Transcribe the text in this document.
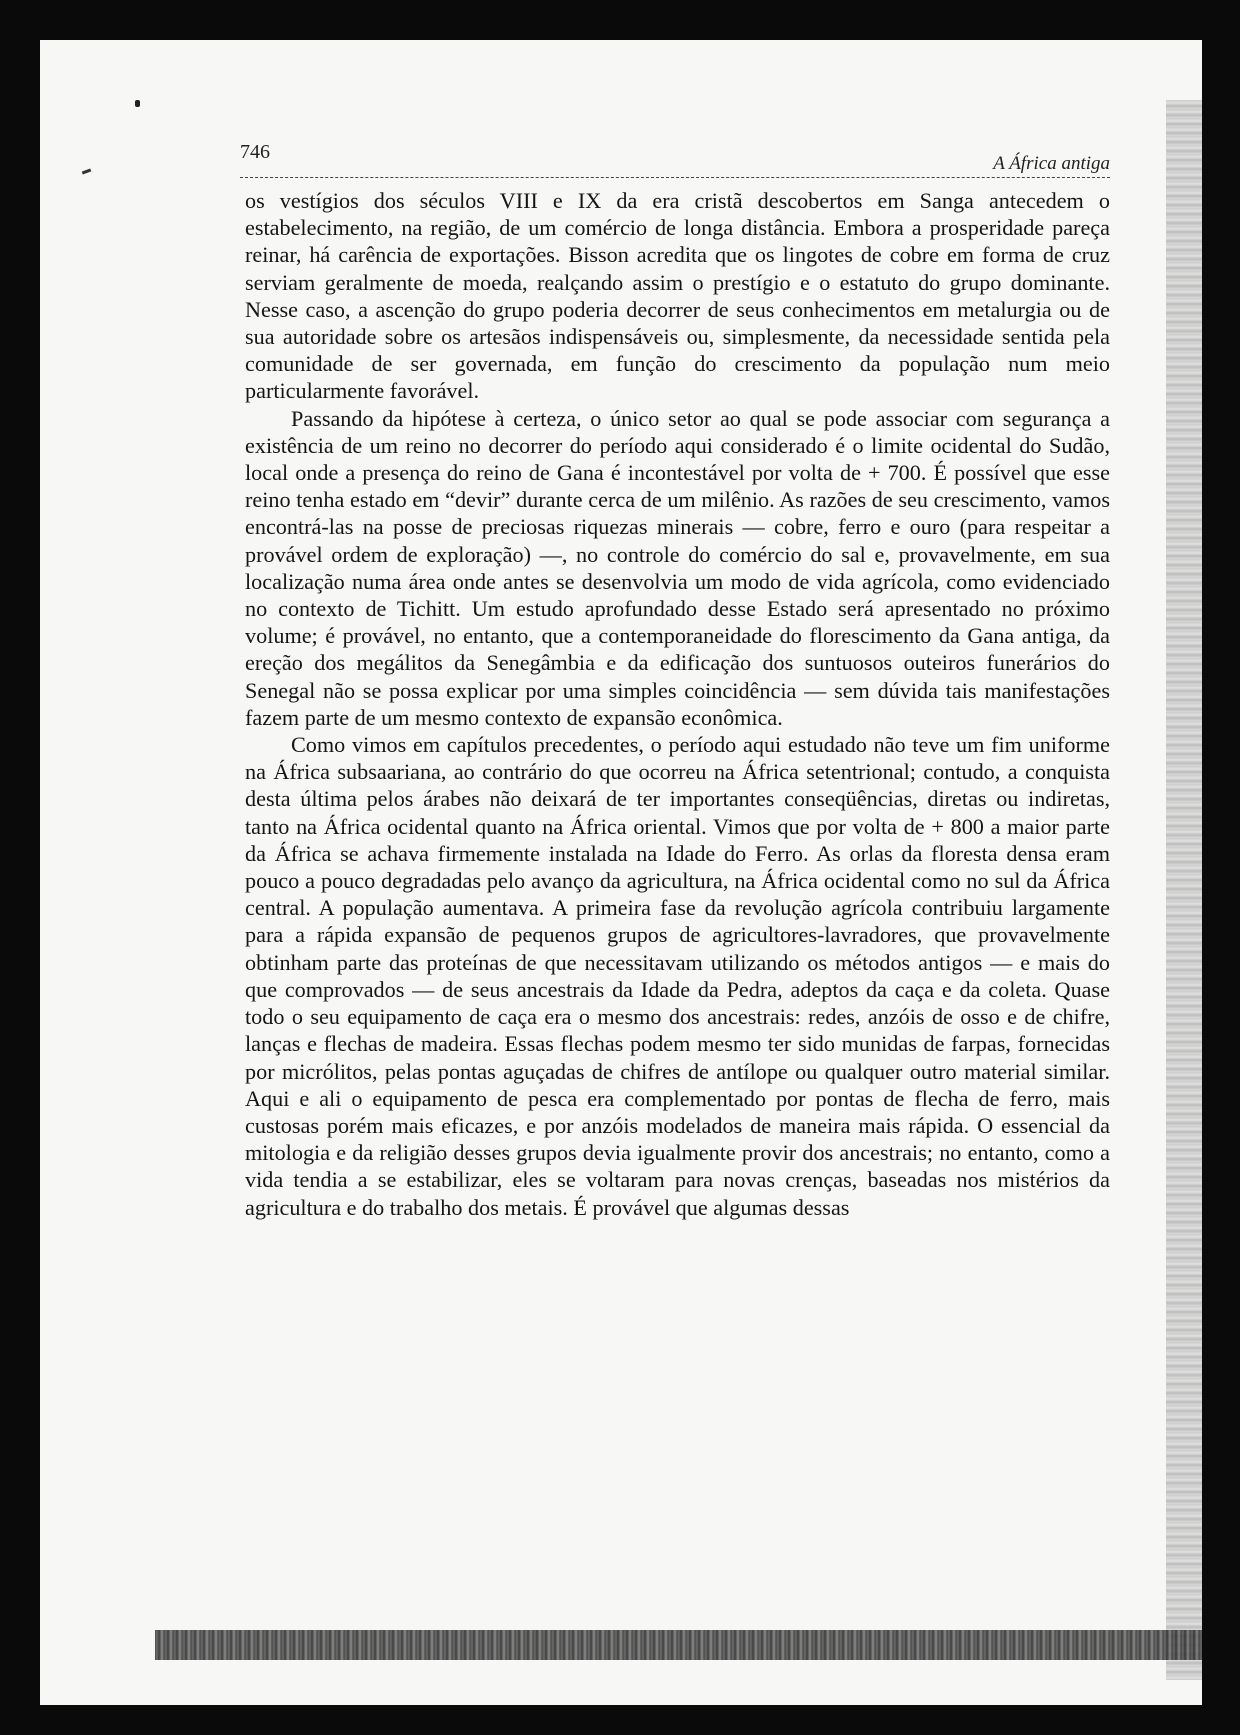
746
A África antiga

os vestígios dos séculos VIII e IX da era cristã descobertos em Sanga antecedem o estabelecimento, na região, de um comércio de longa distância. Embora a prosperidade pareça reinar, há carência de exportações. Bisson acredita que os lingotes de cobre em forma de cruz serviam geralmente de moeda, realçando assim o prestígio e o estatuto do grupo dominante. Nesse caso, a ascenção do grupo poderia decorrer de seus conhecimentos em metalurgia ou de sua autoridade sobre os artesãos indispensáveis ou, simplesmente, da necessidade sentida pela comunidade de ser governada, em função do crescimento da população num meio particularmente favorável.

Passando da hipótese à certeza, o único setor ao qual se pode associar com segurança a existência de um reino no decorrer do período aqui considerado é o limite ocidental do Sudão, local onde a presença do reino de Gana é incontestável por volta de + 700. É possível que esse reino tenha estado em “devir” durante cerca de um milênio. As razões de seu crescimento, vamos encontrá-las na posse de preciosas riquezas minerais — cobre, ferro e ouro (para respeitar a provável ordem de exploração) —, no controle do comércio do sal e, provavelmente, em sua localização numa área onde antes se desenvolvia um modo de vida agrícola, como evidenciado no contexto de Tichitt. Um estudo aprofundado desse Estado será apresentado no próximo volume; é provável, no entanto, que a contemporaneidade do florescimento da Gana antiga, da ereção dos megálitos da Senegâmbia e da edificação dos suntuosos outeiros funerários do Senegal não se possa explicar por uma simples coincidência — sem dúvida tais manifestações fazem parte de um mesmo contexto de expansão econômica.

Como vimos em capítulos precedentes, o período aqui estudado não teve um fim uniforme na África subsaariana, ao contrário do que ocorreu na África setentrional; contudo, a conquista desta última pelos árabes não deixará de ter importantes conseqüências, diretas ou indiretas, tanto na África ocidental quanto na África oriental. Vimos que por volta de + 800 a maior parte da África se achava firmemente instalada na Idade do Ferro. As orlas da floresta densa eram pouco a pouco degradadas pelo avanço da agricultura, na África ocidental como no sul da África central. A população aumentava. A primeira fase da revolução agrícola contribuiu largamente para a rápida expansão de pequenos grupos de agricultores-lavradores, que provavelmente obtinham parte das proteínas de que necessitavam utilizando os métodos antigos — e mais do que comprovados — de seus ancestrais da Idade da Pedra, adeptos da caça e da coleta. Quase todo o seu equipamento de caça era o mesmo dos ancestrais: redes, anzóis de osso e de chifre, lanças e flechas de madeira. Essas flechas podem mesmo ter sido munidas de farpas, fornecidas por micrólitos, pelas pontas aguçadas de chifres de antílope ou qualquer outro material similar. Aqui e ali o equipamento de pesca era complementado por pontas de flecha de ferro, mais custosas porém mais eficazes, e por anzóis modelados de maneira mais rápida. O essencial da mitologia e da religião desses grupos devia igualmente provir dos ancestrais; no entanto, como a vida tendia a se estabilizar, eles se voltaram para novas crenças, baseadas nos mistérios da agricultura e do trabalho dos metais. É provável que algumas dessas
